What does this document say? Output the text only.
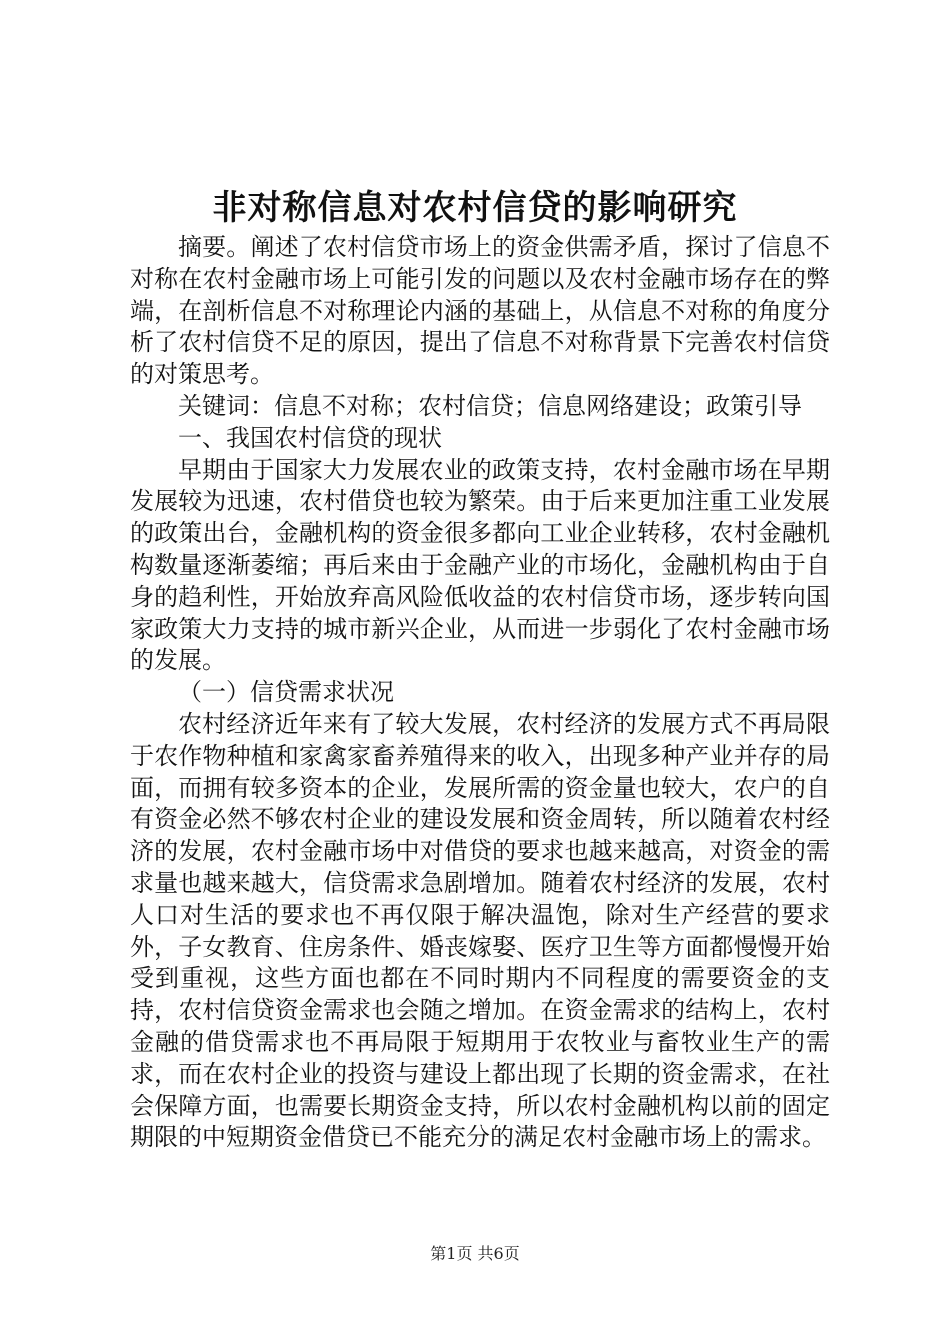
非对称信息对农村信贷的影响研究

摘要。阐述了农村信贷市场上的资金供需矛盾，探讨了信息不对称在农村金融市场上可能引发的问题以及农村金融市场存在的弊端，在剖析信息不对称理论内涵的基础上，从信息不对称的角度分析了农村信贷不足的原因，提出了信息不对称背景下完善农村信贷的对策思考。

关键词：信息不对称；农村信贷；信息网络建设；政策引导

一、我国农村信贷的现状

早期由于国家大力发展农业的政策支持，农村金融市场在早期发展较为迅速，农村借贷也较为繁荣。由于后来更加注重工业发展的政策出台，金融机构的资金很多都向工业企业转移，农村金融机构数量逐渐萎缩；再后来由于金融产业的市场化，金融机构由于自身的趋利性，开始放弃高风险低收益的农村信贷市场，逐步转向国家政策大力支持的城市新兴企业，从而进一步弱化了农村金融市场的发展。

（一）信贷需求状况

农村经济近年来有了较大发展，农村经济的发展方式不再局限于农作物种植和家禽家畜养殖得来的收入，出现多种产业并存的局面，而拥有较多资本的企业，发展所需的资金量也较大，农户的自有资金必然不够农村企业的建设发展和资金周转，所以随着农村经济的发展，农村金融市场中对借贷的要求也越来越高，对资金的需求量也越来越大，信贷需求急剧增加。随着农村经济的发展，农村人口对生活的要求也不再仅限于解决温饱，除对生产经营的要求外，子女教育、住房条件、婚丧嫁娶、医疗卫生等方面都慢慢开始受到重视，这些方面也都在不同时期内不同程度的需要资金的支持，农村信贷资金需求也会随之增加。在资金需求的结构上，农村金融的借贷需求也不再局限于短期用于农牧业与畜牧业生产的需求，而在农村企业的投资与建设上都出现了长期的资金需求，在社会保障方面，也需要长期资金支持，所以农村金融机构以前的固定期限的中短期资金借贷已不能充分的满足农村金融市场上的需求。

第1页 共6页
